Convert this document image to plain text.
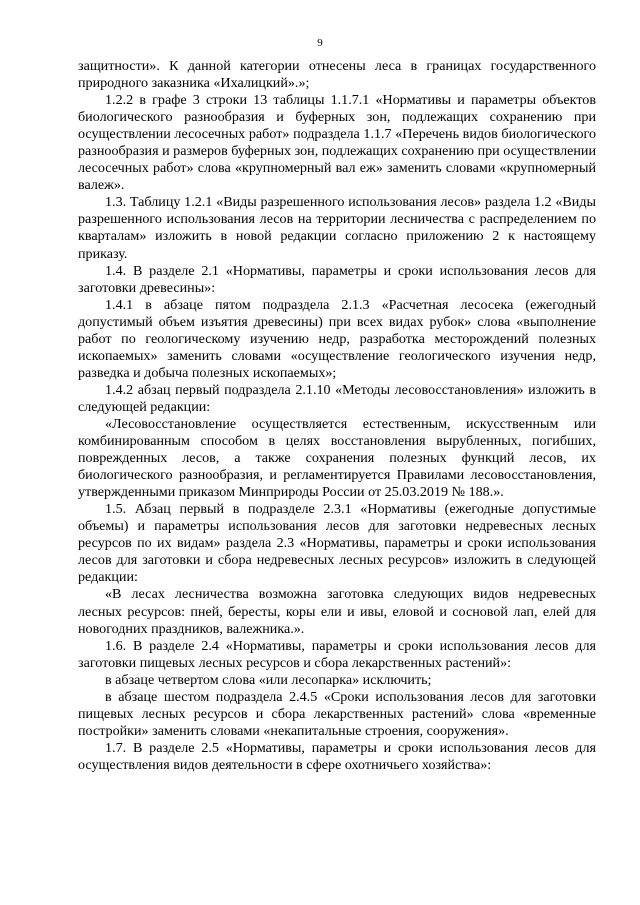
9

защитности». К данной категории отнесены леса в границах государственного природного заказника «Ихалицкий».»;

1.2.2 в графе 3 строки 13 таблицы 1.1.7.1 «Нормативы и параметры объектов биологического разнообразия и буферных зон, подлежащих сохранению при осуществлении лесосечных работ» подраздела 1.1.7 «Перечень видов биологического разнообразия и размеров буферных зон, подлежащих сохранению при осуществлении лесосечных работ» слова «крупномерный вал еж» заменить словами «крупномерный валеж».

1.3. Таблицу 1.2.1 «Виды разрешенного использования лесов» раздела 1.2 «Виды разрешенного использования лесов на территории лесничества с распределением по кварталам» изложить в новой редакции согласно приложению 2 к настоящему приказу.

1.4. В разделе 2.1 «Нормативы, параметры и сроки использования лесов для заготовки древесины»:

1.4.1 в абзаце пятом подраздела 2.1.3 «Расчетная лесосека (ежегодный допустимый объем изъятия древесины) при всех видах рубок» слова «выполнение работ по геологическому изучению недр, разработка месторождений полезных ископаемых» заменить словами «осуществление геологического изучения недр, разведка и добыча полезных ископаемых»;

1.4.2 абзац первый подраздела 2.1.10 «Методы лесовосстановления» изложить в следующей редакции:

«Лесовосстановление осуществляется естественным, искусственным или комбинированным способом в целях восстановления вырубленных, погибших, поврежденных лесов, а также сохранения полезных функций лесов, их биологического разнообразия, и регламентируется Правилами лесовосстановления, утвержденными приказом Минприроды России от 25.03.2019 № 188.».

1.5. Абзац первый в подразделе 2.3.1 «Нормативы (ежегодные допустимые объемы) и параметры использования лесов для заготовки недревесных лесных ресурсов по их видам» раздела 2.3 «Нормативы, параметры и сроки использования лесов для заготовки и сбора недревесных лесных ресурсов» изложить в следующей редакции:

«В лесах лесничества возможна заготовка следующих видов недревесных лесных ресурсов: пней, бересты, коры ели и ивы, еловой и сосновой лап, елей для новогодних праздников, валежника.».

1.6. В разделе 2.4 «Нормативы, параметры и сроки использования лесов для заготовки пищевых лесных ресурсов и сбора лекарственных растений»:

в абзаце четвертом слова «или лесопарка» исключить;

в абзаце шестом подраздела 2.4.5 «Сроки использования лесов для заготовки пищевых лесных ресурсов и сбора лекарственных растений» слова «временные постройки» заменить словами «некапитальные строения, сооружения».

1.7. В разделе 2.5 «Нормативы, параметры и сроки использования лесов для осуществления видов деятельности в сфере охотничьего хозяйства»:
